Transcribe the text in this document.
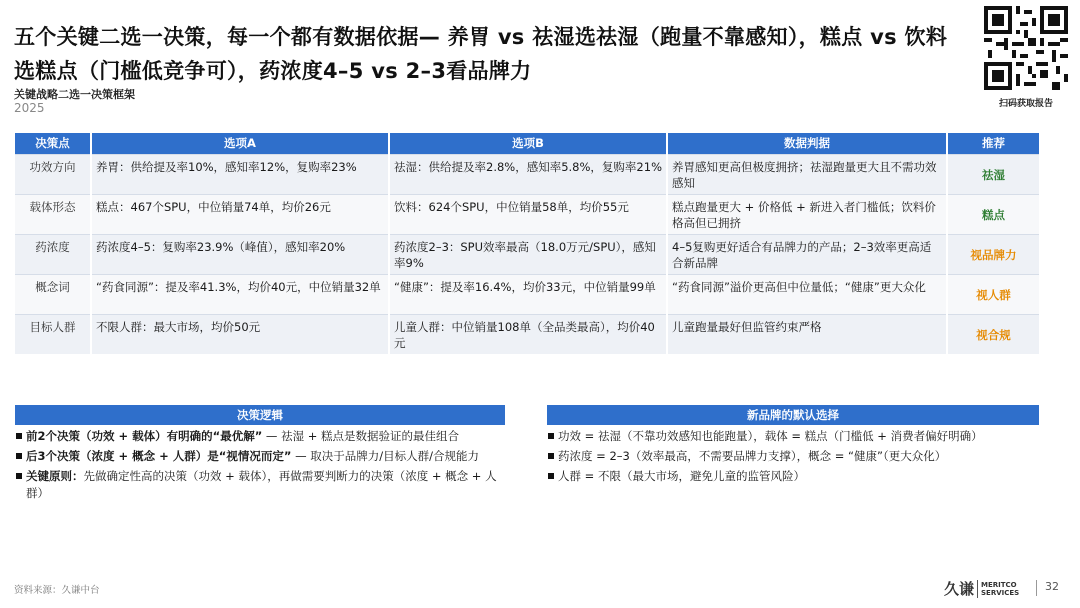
五个关键二选一决策，每一个都有数据依据— 养胃 vs 祛湿选祛湿（跑量不靠感知），糕点 vs 饮料选糕点（门槛低竞争可），药浓度4–5 vs 2–3看品牌力
关键战略二选一决策框架
2025	扫码获取报告
决策点	选项A	选项B	数据判据	推荐
功效方向	养胃：供给提及率10%，感知率12%，复购率23%	祛湿：供给提及率2.8%，感知率5.8%，复购率21%	养胃感知更高但极度拥挤；祛湿跑量更大且不需功效感知	祛湿
载体形态	糕点：467个SPU，中位销量74单，均价26元	饮料：624个SPU，中位销量58单，均价55元	糕点跑量更大 + 价格低 + 新进入者门槛低；饮料价格高但已拥挤	糕点
药浓度	药浓度4–5：复购率23.9%（峰值），感知率20%	药浓度2–3：SPU效率最高（18.0万元/SPU），感知率9%	4–5复购更好适合有品牌力的产品；2–3效率更高适合新品牌	视品牌力
概念词	“药食同源”：提及率41.3%，均价40元，中位销量32单	“健康”：提及率16.4%，均价33元，中位销量99单	“药食同源”溢价更高但中位量低；“健康”更大众化	视人群
目标人群	不限人群：最大市场，均价50元	儿童人群：中位销量108单（全品类最高），均价40元	儿童跑量最好但监管约束严格	视合规
决策逻辑
前2个决策（功效 + 载体）有明确的“最优解” — 祛湿 + 糕点是数据验证的最佳组合
后3个决策（浓度 + 概念 + 人群）是“视情况而定” — 取决于品牌力/目标人群/合规能力
关键原则：先做确定性高的决策（功效 + 载体），再做需要判断力的决策（浓度 + 概念 + 人群）
新品牌的默认选择
功效 = 祛湿（不靠功效感知也能跑量），载体 = 糕点（门槛低 + 消费者偏好明确）
药浓度 = 2–3（效率最高，不需要品牌力支撑），概念 = “健康”（更大众化）
人群 = 不限（最大市场，避免儿童的监管风险）
资料来源：久谦中台	久谦 MERITCO
SERVICES 32
